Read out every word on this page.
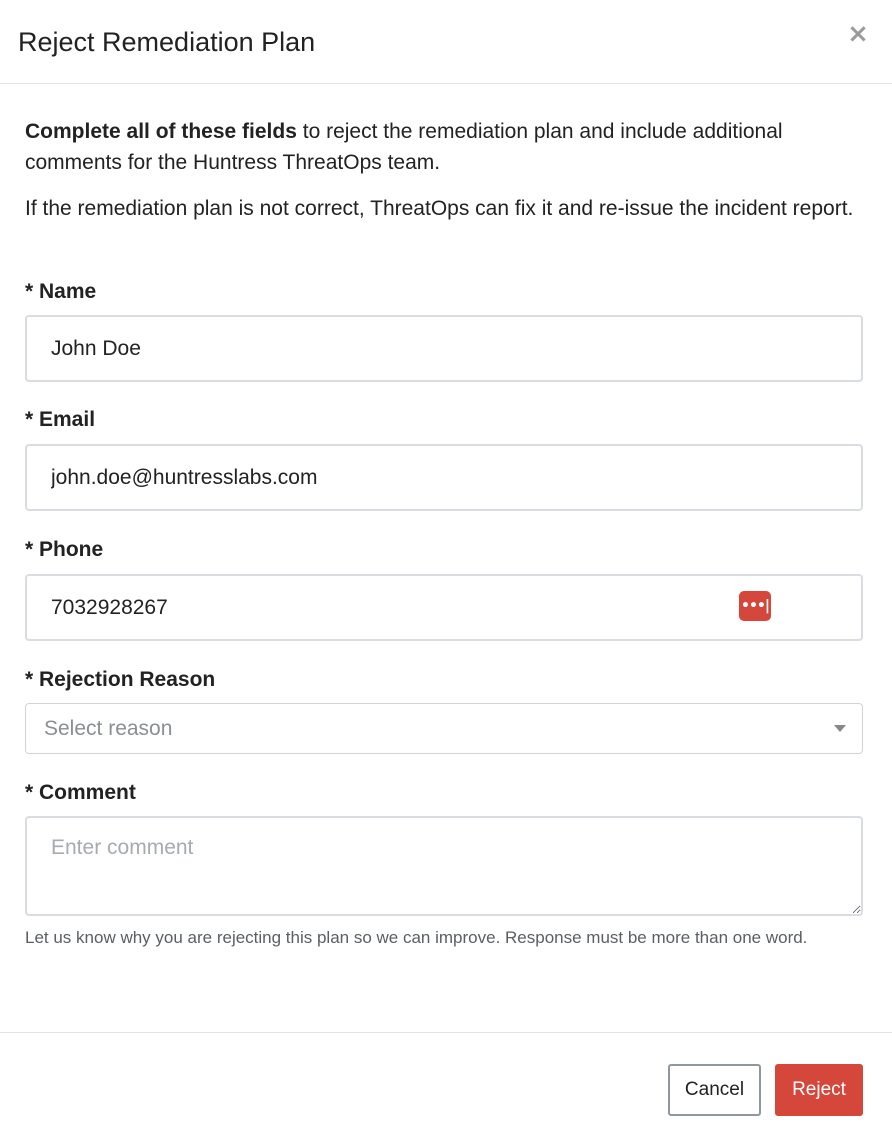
Reject Remediation Plan	×

Complete all of these fields to reject the remediation plan and include additional comments for the Huntress ThreatOps team.

If the remediation plan is not correct, ThreatOps can fix it and re-issue the incident report.

* Name
John Doe
* Email
john.doe@huntresslabs.com
* Phone
7032928267
•••|
* Rejection Reason
Select reason
* Comment
Enter comment

Let us know why you are rejecting this plan so we can improve. Response must be more than one word.

Cancel	Reject
